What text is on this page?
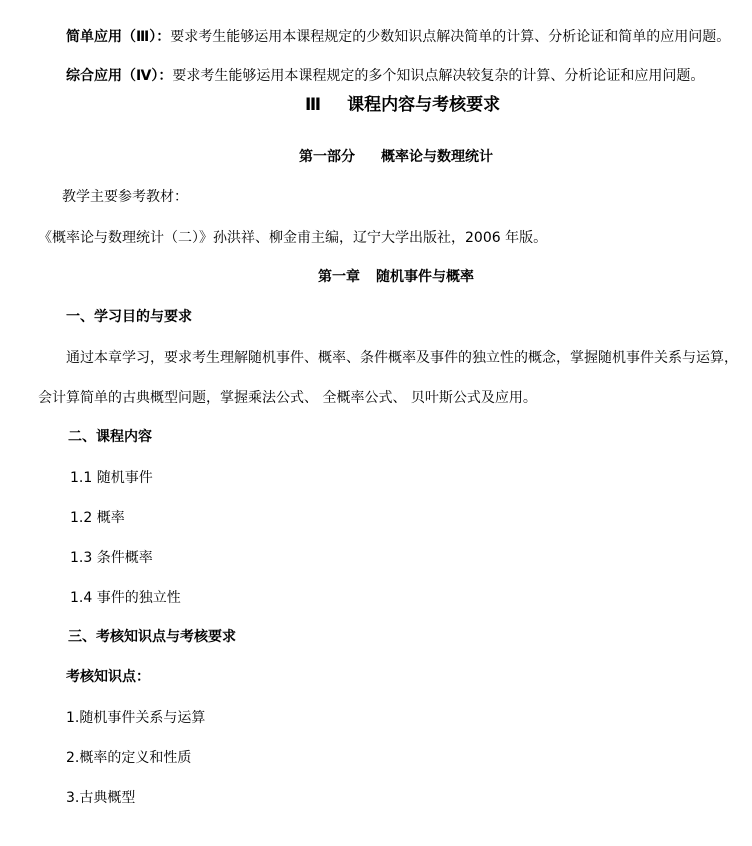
简单应用（Ⅲ）：要求考生能够运用本课程规定的少数知识点解决简单的计算、分析论证和简单的应用问题。
综合应用（Ⅳ）：要求考生能够运用本课程规定的多个知识点解决较复杂的计算、分析论证和应用问题。
Ⅲ 课程内容与考核要求
第一部分 概率论与数理统计
教学主要参考教材：
《概率论与数理统计（二）》孙洪祥、柳金甫主编，辽宁大学出版社，2006 年版。
第一章 随机事件与概率
一、学习目的与要求
通过本章学习，要求考生理解随机事件、概率、条件概率及事件的独立性的概念，掌握随机事件关系与运算，
会计算简单的古典概型问题，掌握乘法公式、 全概率公式、 贝叶斯公式及应用。
二、课程内容
1.1 随机事件
1.2 概率
1.3 条件概率
1.4 事件的独立性
三、考核知识点与考核要求
考核知识点：
1.随机事件关系与运算
2.概率的定义和性质
3.古典概型
